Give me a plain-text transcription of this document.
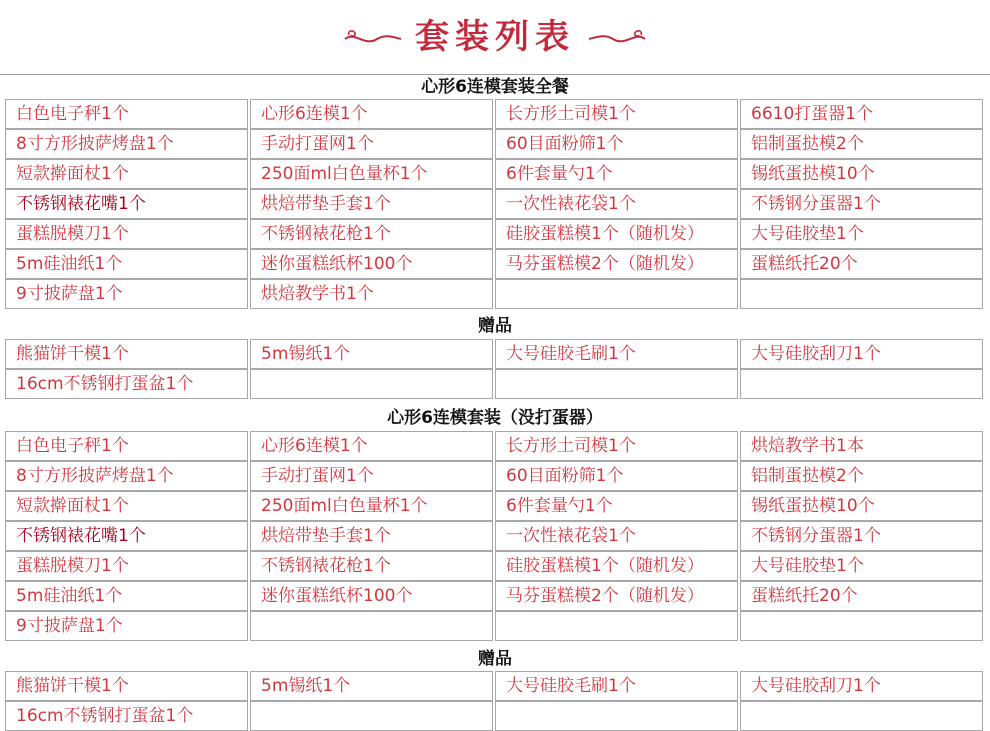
套装列表
心形6连模套装全餐
白色电子秤1个	心形6连模1个	长方形土司模1个	6610打蛋器1个
8寸方形披萨烤盘1个	手动打蛋网1个	60目面粉筛1个	铝制蛋挞模2个
短款擀面杖1个	250面ml白色量杯1个	6件套量勺1个	锡纸蛋挞模10个
不锈钢裱花嘴1个	烘焙带垫手套1个	一次性裱花袋1个	不锈钢分蛋器1个
蛋糕脱模刀1个	不锈钢裱花枪1个	硅胶蛋糕模1个（随机发）	大号硅胶垫1个
5m硅油纸1个	迷你蛋糕纸杯100个	马芬蛋糕模2个（随机发）	蛋糕纸托20个
9寸披萨盘1个	烘焙教学书1个
赠品
熊猫饼干模1个	5m锡纸1个	大号硅胶毛刷1个	大号硅胶刮刀1个
16cm不锈钢打蛋盆1个
心形6连模套装（没打蛋器）
白色电子秤1个	心形6连模1个	长方形土司模1个	烘焙教学书1本
8寸方形披萨烤盘1个	手动打蛋网1个	60目面粉筛1个	铝制蛋挞模2个
短款擀面杖1个	250面ml白色量杯1个	6件套量勺1个	锡纸蛋挞模10个
不锈钢裱花嘴1个	烘焙带垫手套1个	一次性裱花袋1个	不锈钢分蛋器1个
蛋糕脱模刀1个	不锈钢裱花枪1个	硅胶蛋糕模1个（随机发）	大号硅胶垫1个
5m硅油纸1个	迷你蛋糕纸杯100个	马芬蛋糕模2个（随机发）	蛋糕纸托20个
9寸披萨盘1个
赠品
熊猫饼干模1个	5m锡纸1个	大号硅胶毛刷1个	大号硅胶刮刀1个
16cm不锈钢打蛋盆1个
